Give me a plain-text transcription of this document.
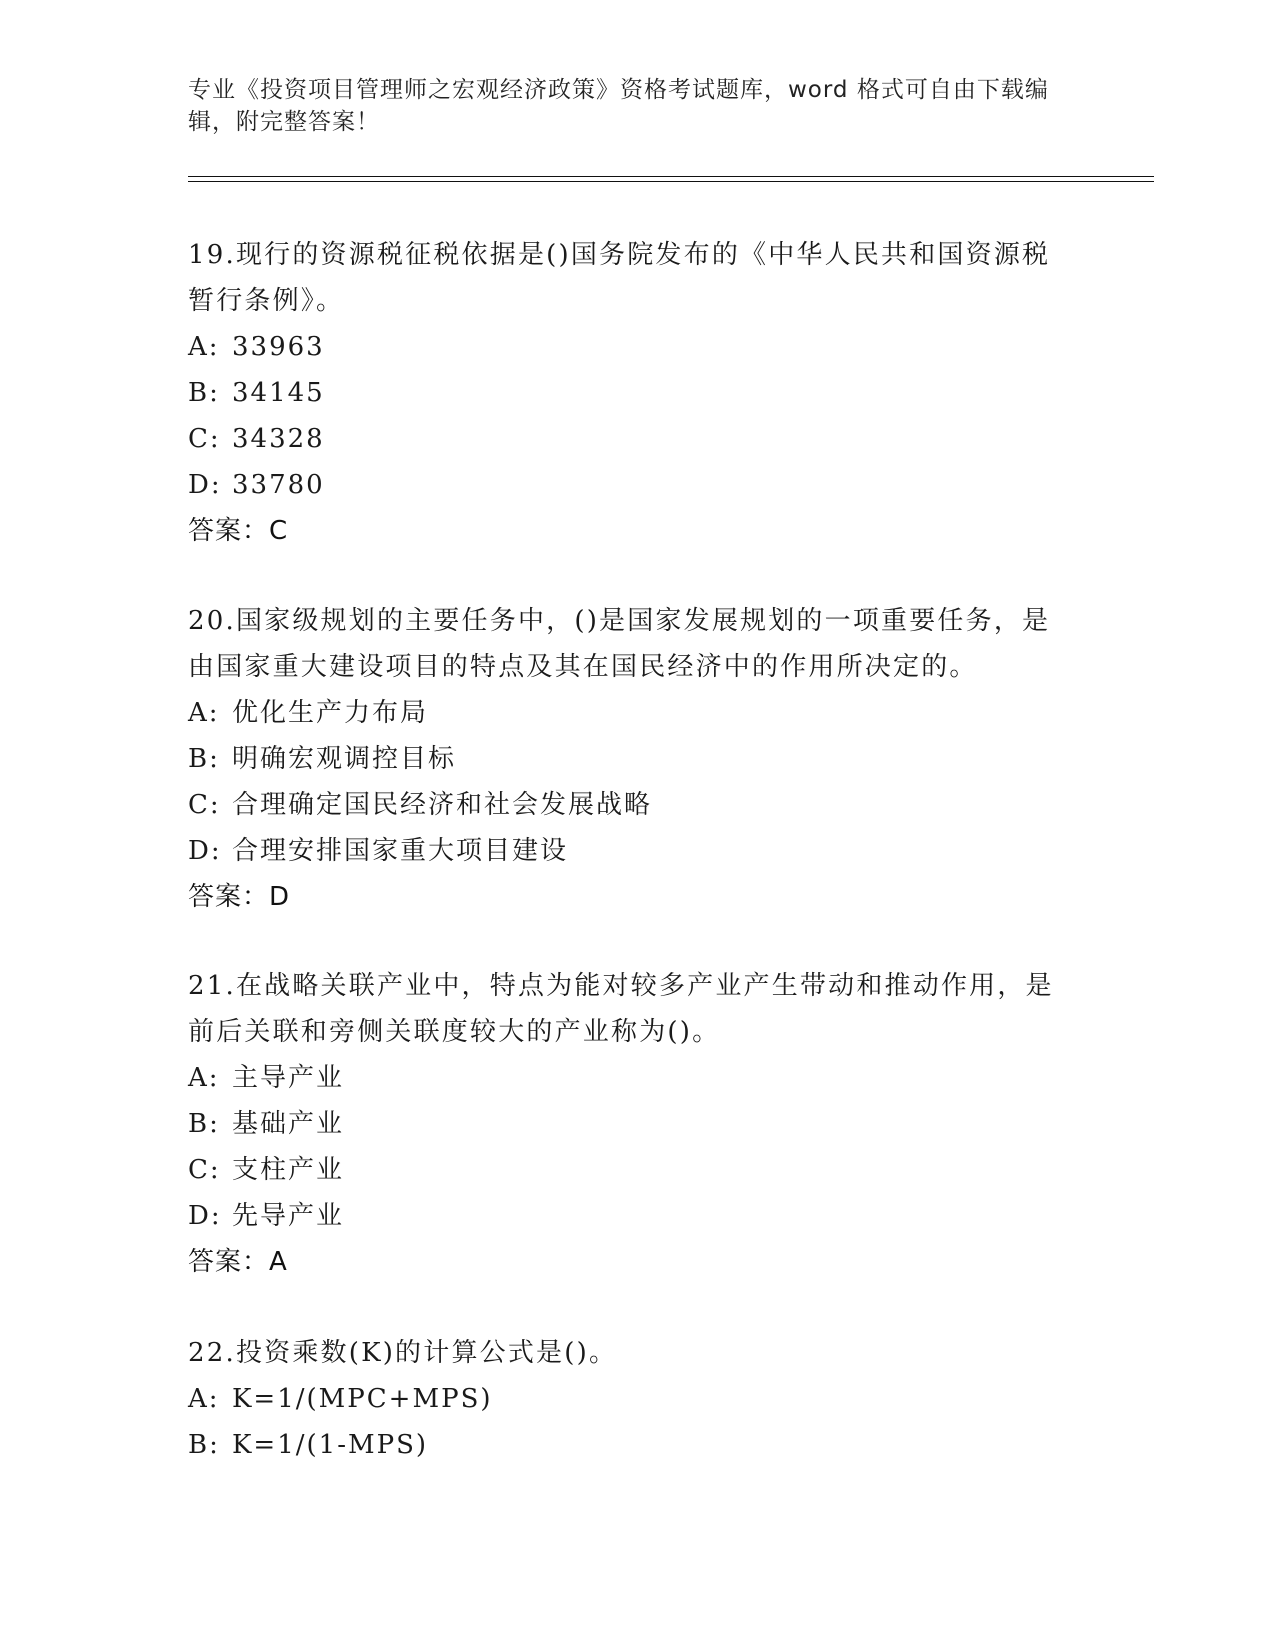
专业《投资项目管理师之宏观经济政策》资格考试题库，word 格式可自由下载编
辑，附完整答案！
19.现行的资源税征税依据是()国务院发布的《中华人民共和国资源税
暂行条例》。
A: 33963
B: 34145
C: 34328
D: 33780
答案：C
20.国家级规划的主要任务中，()是国家发展规划的一项重要任务，是
由国家重大建设项目的特点及其在国民经济中的作用所决定的。
A: 优化生产力布局
B: 明确宏观调控目标
C: 合理确定国民经济和社会发展战略
D: 合理安排国家重大项目建设
答案：D
21.在战略关联产业中，特点为能对较多产业产生带动和推动作用，是
前后关联和旁侧关联度较大的产业称为()。
A: 主导产业
B: 基础产业
C: 支柱产业
D: 先导产业
答案：A
22.投资乘数(K)的计算公式是()。
A: K=1/(MPC+MPS)
B: K=1/(1-MPS)
